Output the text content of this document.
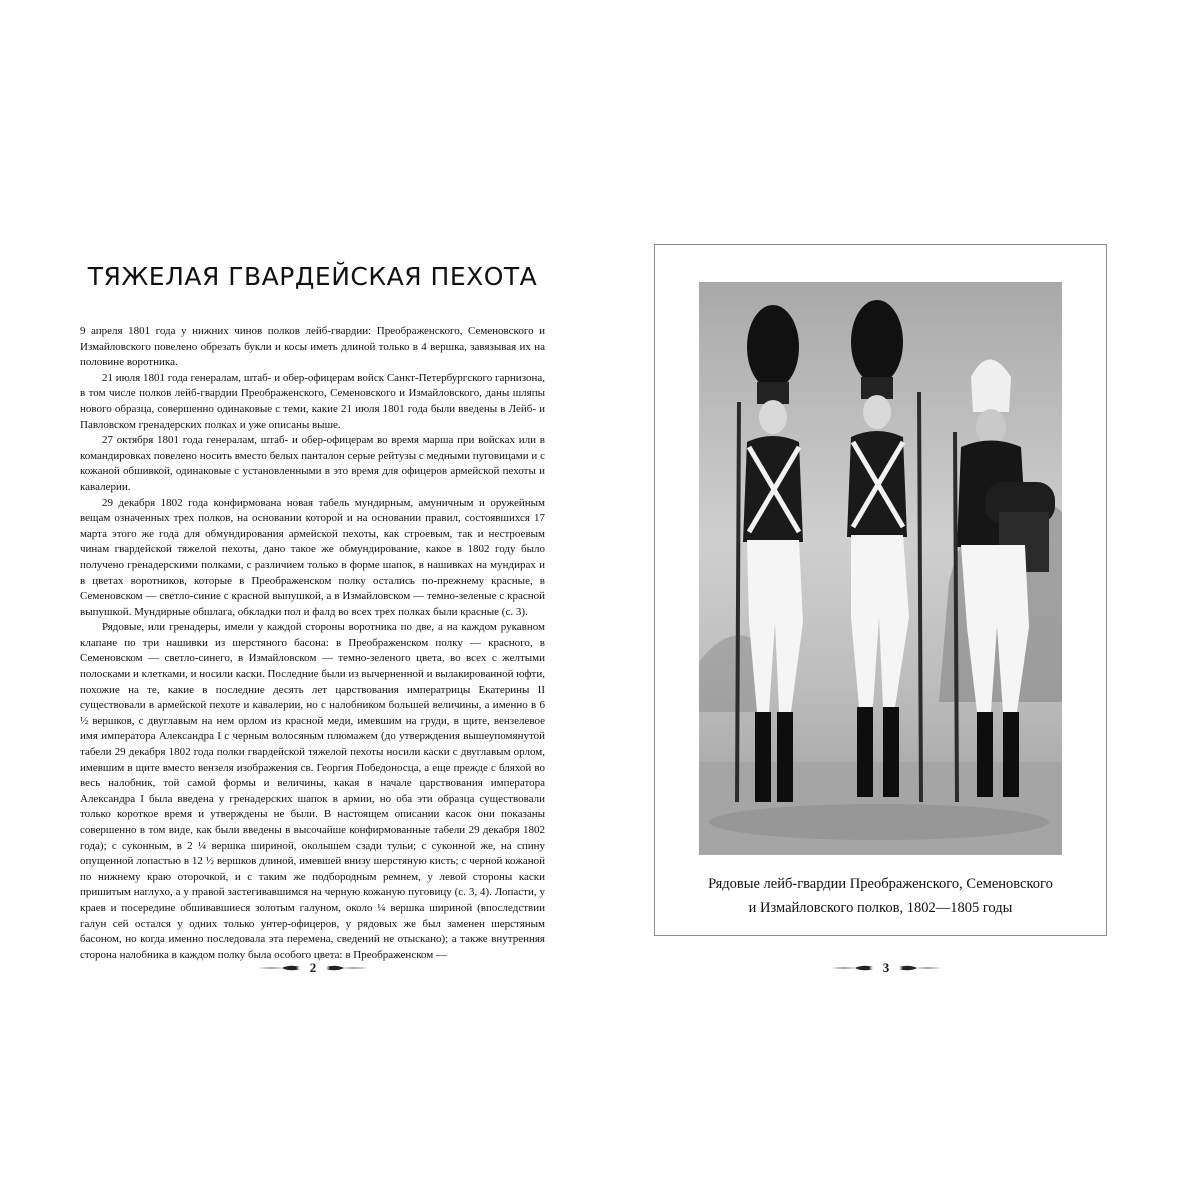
ТЯЖЕЛАЯ ГВАРДЕЙСКАЯ ПЕХОТА

9 апреля 1801 года у нижних чинов полков лейб-гвардии: Преображенского, Семеновского и Измайловского повелено обрезать букли и косы иметь длиной только в 4 вершка, завязывая их на половине воротника.

21 июля 1801 года генералам, штаб- и обер-офицерам войск Санкт-Петербургского гарнизона, в том числе полков лейб-гвардии Преображенского, Семеновского и Измайловского, даны шляпы нового образца, совершенно одинаковые с теми, какие 21 июля 1801 года были введены в Лейб- и Павловском гренадерских полках и уже описаны выше.

27 октября 1801 года генералам, штаб- и обер-офицерам во время марша при войсках или в командировках повелено носить вместо белых панталон серые рейтузы с медными пуговицами и с кожаной обшивкой, одинаковые с установленными в это время для офицеров армейской пехоты и кавалерии.

29 декабря 1802 года конфирмована новая табель мундирным, амуничным и оружейным вещам означенных трех полков, на основании которой и на основании правил, состоявшихся 17 марта этого же года для обмундирования армейской пехоты, как строевым, так и нестроевым чинам гвардейской тяжелой пехоты, дано такое же обмундирование, какое в 1802 году было получено гренадерскими полками, с различием только в форме шапок, в нашивках на мундирах и в цветах воротников, которые в Преображенском полку остались по-прежнему красные, в Семеновском — светло-синие с красной выпушкой, а в Измайловском — темно-зеленые с красной выпушкой. Мундирные обшлага, обкладки пол и фалд во всех трех полках были красные (с. 3).

Рядовые, или гренадеры, имели у каждой стороны воротника по две, а на каждом рукавном клапане по три нашивки из шерстяного басона: в Преображенском полку — красного, в Семеновском — светло-синего, в Измайловском — темно-зеленого цвета, во всех с желтыми полосками и клетками, и носили каски. Последние были из вычерненной и вылакированной юфти, похожие на те, какие в последние десять лет царствования императрицы Екатерины II существовали в армейской пехоте и кавалерии, но с налобником большей величины, а именно в 6 ½ вершков, с двуглавым на нем орлом из красной меди, имевшим на груди, в щите, вензелевое имя императора Александра I с черным волосяным плюмажем (до утверждения вышеупомянутой табели 29 декабря 1802 года полки гвардейской тяжелой пехоты носили каски с двуглавым орлом, имевшим в щите вместо вензеля изображения св. Георгия Победоносца, а еще прежде с бляхой во весь налобник, той самой формы и величины, какая в начале царствования императора Александра I была введена у гренадерских шапок в армии, но оба эти образца существовали только короткое время и утверждены не были. В настоящем описании касок они показаны совершенно в том виде, как были введены в высочайше конфирмованные табели 29 декабря 1802 года); с суконным, в 2 ¼ вершка шириной, околышем сзади тульи; с суконной же, на спину опущенной лопастью в 12 ½ вершков длиной, имевшей внизу шерстяную кисть; с черной кожаной по нижнему краю оторочкой, и с таким же подбородным ремнем, у левой стороны каски пришитым наглухо, а у правой застегивавшимся на черную кожаную пуговицу (с. 3, 4). Лопасти, у краев и посередине обшивавшиеся золотым галуном, около ¼ вершка шириной (впоследствии галун сей остался у одних только унтер-офицеров, у рядовых же был заменен шерстяным басоном, но когда именно последовала эта перемена, сведений не отыскано); а также внутренняя сторона налобника в каждом полку была особого цвета: в Преображенском —

2
Рядовые лейб-гвардии Преображенского, Семеновского
и Измайловского полков, 1802—1805 годы
3
